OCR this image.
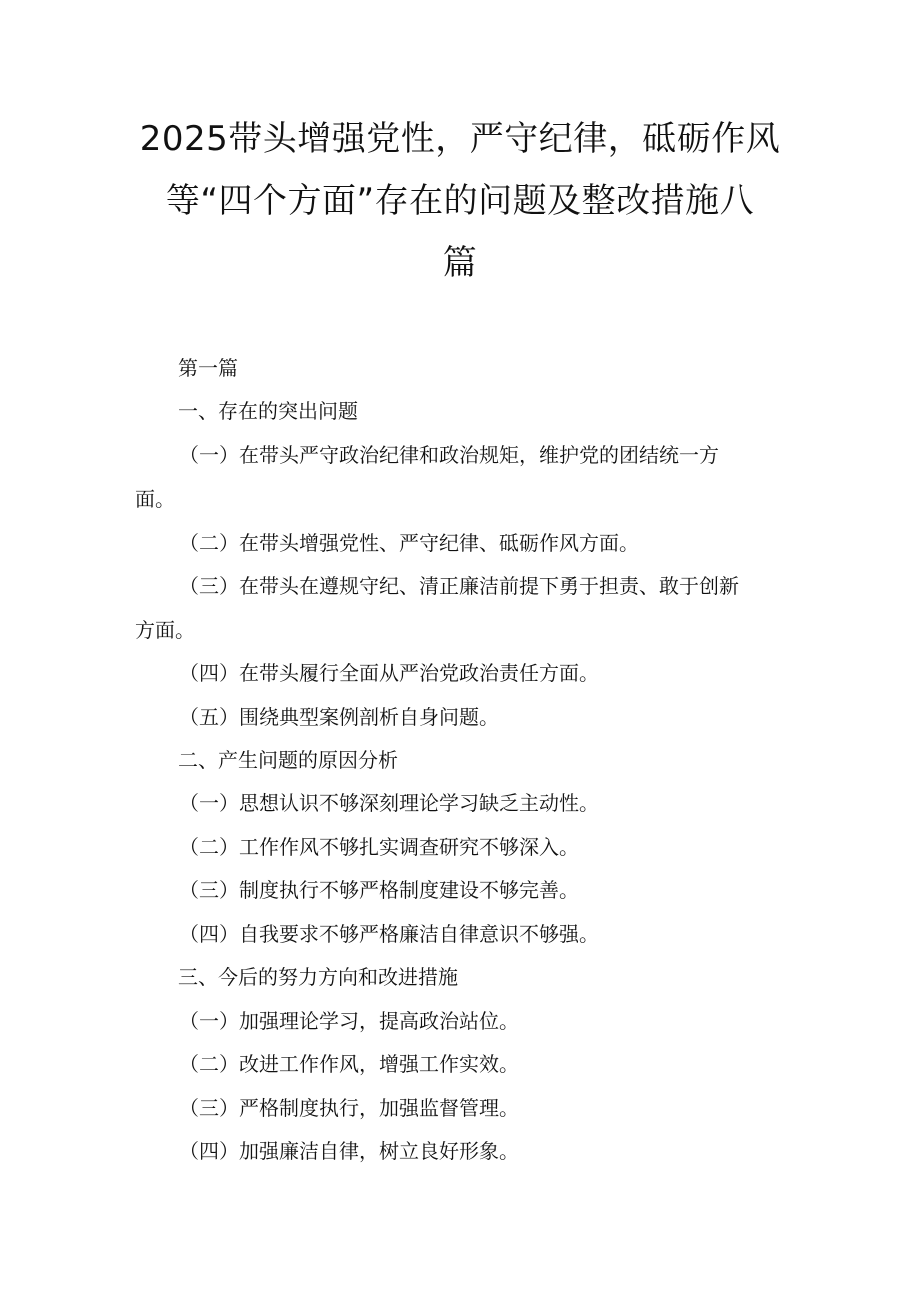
2025带头增强党性，严守纪律，砥砺作风
等“四个方面”存在的问题及整改措施八
篇
第一篇
一、存在的突出问题
（一）在带头严守政治纪律和政治规矩，维护党的团结统一方
面。
（二）在带头增强党性、严守纪律、砥砺作风方面。
（三）在带头在遵规守纪、清正廉洁前提下勇于担责、敢于创新
方面。
（四）在带头履行全面从严治党政治责任方面。
（五）围绕典型案例剖析自身问题。
二、产生问题的原因分析
（一）思想认识不够深刻理论学习缺乏主动性。
（二）工作作风不够扎实调查研究不够深入。
（三）制度执行不够严格制度建设不够完善。
（四）自我要求不够严格廉洁自律意识不够强。
三、今后的努力方向和改进措施
（一）加强理论学习，提高政治站位。
（二）改进工作作风，增强工作实效。
（三）严格制度执行，加强监督管理。
（四）加强廉洁自律，树立良好形象。
